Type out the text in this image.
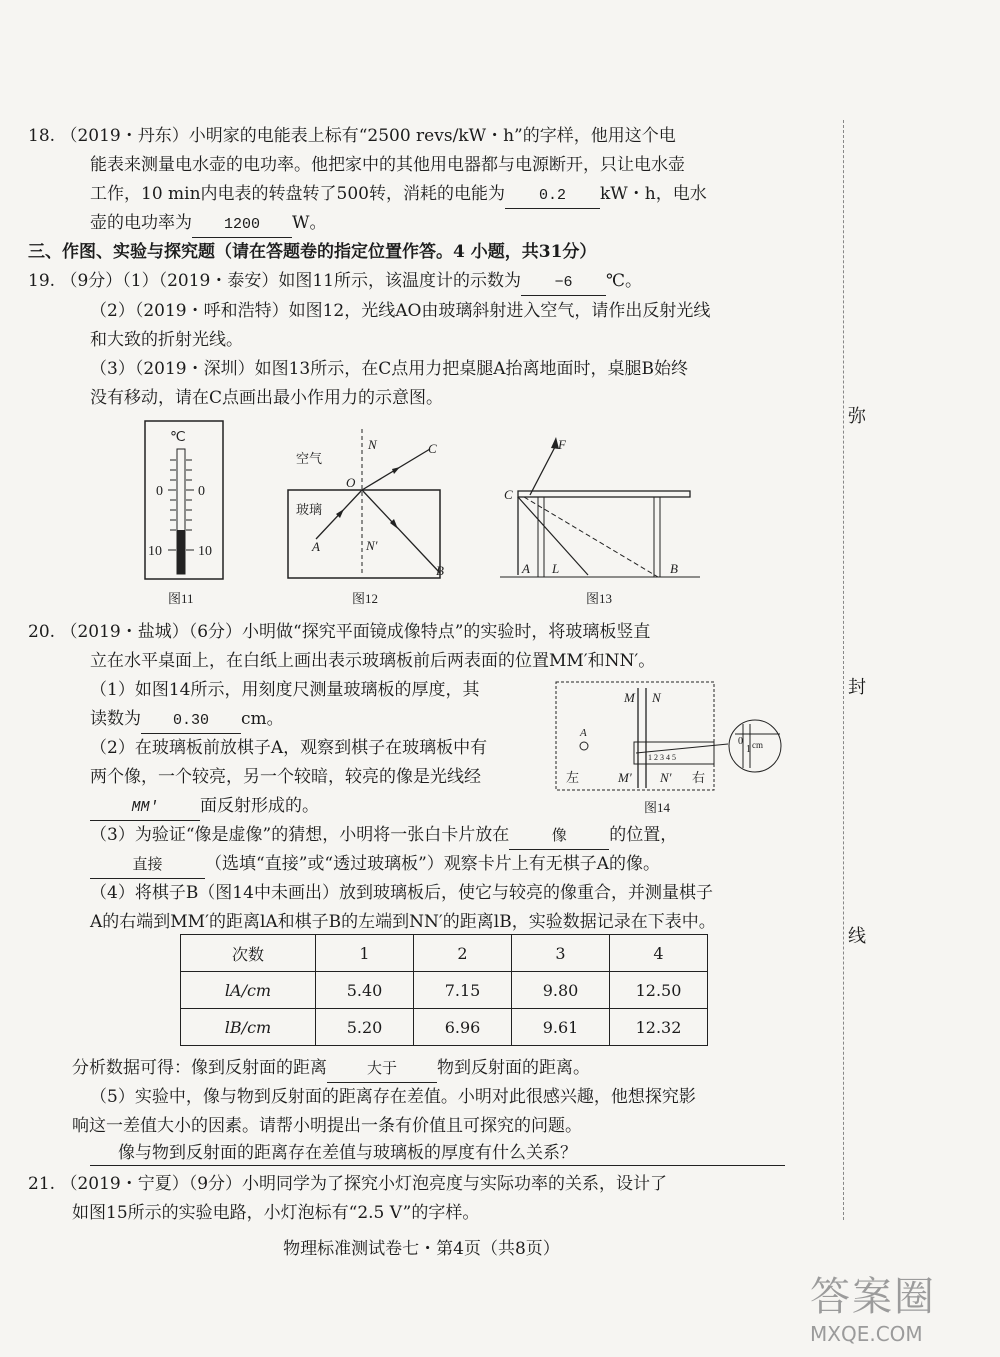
18. （2019・丹东）小明家的电能表上标有“2500 revs/kW・h”的字样，他用这个电
能表来测量电水壶的电功率。他把家中的其他用电器都与电源断开，只让电水壶
工作，10 min内电表的转盘转了500转，消耗的电能为 0.2 kW・h，电水
壶的电功率为 1200 W。
三、作图、实验与探究题（请在答题卷的指定位置作答。4 小题，共31分）
19. （9分）（1）（2019・泰安）如图11所示，该温度计的示数为 −6 ℃。
（2）（2019・呼和浩特）如图12，光线AO由玻璃斜射进入空气，请作出反射光线
和大致的折射光线。
（3）（2019・深圳）如图13所示，在C点用力把桌腿A抬离地面时，桌腿B始终
没有移动，请在C点画出最小作用力的示意图。
℃
0	0
10	10
图11
空气
玻璃
N
N′
O
A
B
C
图12
F
C
A L	B
图13
20. （2019・盐城）（6分）小明做“探究平面镜成像特点”的实验时，将玻璃板竖直
立在水平桌面上，在白纸上画出表示玻璃板前后两表面的位置MM′和NN′。
（1）如图14所示，用刻度尺测量玻璃板的厚度，其
读数为 0.30 cm。
（2）在玻璃板前放棋子A，观察到棋子在玻璃板中有
两个像，一个较亮，另一个较暗，较亮的像是光线经
MM′ 面反射形成的。
M N
M′ N′
A
左	右
1 2 3 4 5
0
1 cm
图14
（3）为验证“像是虚像”的猜想，小明将一张白卡片放在	像	的位置，
直接	（选填“直接”或“透过玻璃板”）观察卡片上有无棋子A的像。
（4）将棋子B（图14中未画出）放到玻璃板后，使它与较亮的像重合，并测量棋子
A的右端到MM′的距离lA和棋子B的左端到NN′的距离lB，实验数据记录在下表中。
次数	1	2	3	4
lA/cm	5.40	7.15	9.80	12.50
lB/cm	5.20	6.96	9.61	12.32
分析数据可得：像到反射面的距离	大于 物到反射面的距离。
（5）实验中，像与物到反射面的距离存在差值。小明对此很感兴趣，他想探究影
响这一差值大小的因素。请帮小明提出一条有价值且可探究的问题。
像与物到反射面的距离存在差值与玻璃板的厚度有什么关系？
21. （2019・宁夏）（9分）小明同学为了探究小灯泡亮度与实际功率的关系，设计了
如图15所示的实验电路，小灯泡标有“2.5 V”的字样。
弥
封
线
物理标准测试卷七・第4页（共8页）
答案圈
MXQE.COM
